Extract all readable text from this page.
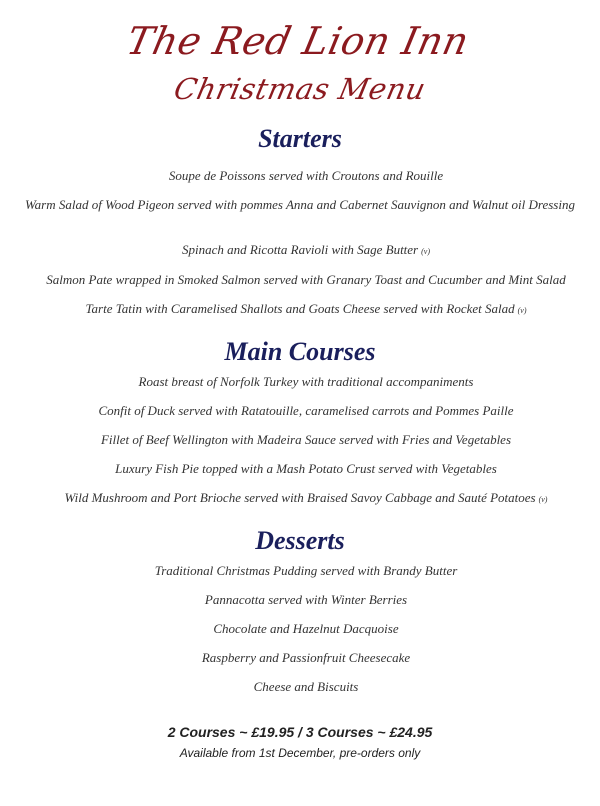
The Red Lion Inn
Christmas Menu
Starters

Soupe de Poissons served with Croutons and Rouille

Warm Salad of Wood Pigeon served with pommes Anna and Cabernet Sauvignon and Walnut oil Dressing

Spinach and Ricotta Ravioli with Sage Butter (v)

Salmon Pate wrapped in Smoked Salmon served with Granary Toast and Cucumber and Mint Salad

Tarte Tatin with Caramelised Shallots and Goats Cheese served with Rocket Salad (v)

Main Courses

Roast breast of Norfolk Turkey with traditional accompaniments

Confit of Duck served with Ratatouille, caramelised carrots and Pommes Paille

Fillet of Beef Wellington with Madeira Sauce served with Fries and Vegetables

Luxury Fish Pie topped with a Mash Potato Crust served with Vegetables

Wild Mushroom and Port Brioche served with Braised Savoy Cabbage and Sauté Potatoes (v)

Desserts

Traditional Christmas Pudding served with Brandy Butter

Pannacotta served with Winter Berries

Chocolate and Hazelnut Dacquoise

Raspberry and Passionfruit Cheesecake

Cheese and Biscuits

2 Courses ~ £19.95 / 3 Courses ~ £24.95

Available from 1st December, pre-orders only
